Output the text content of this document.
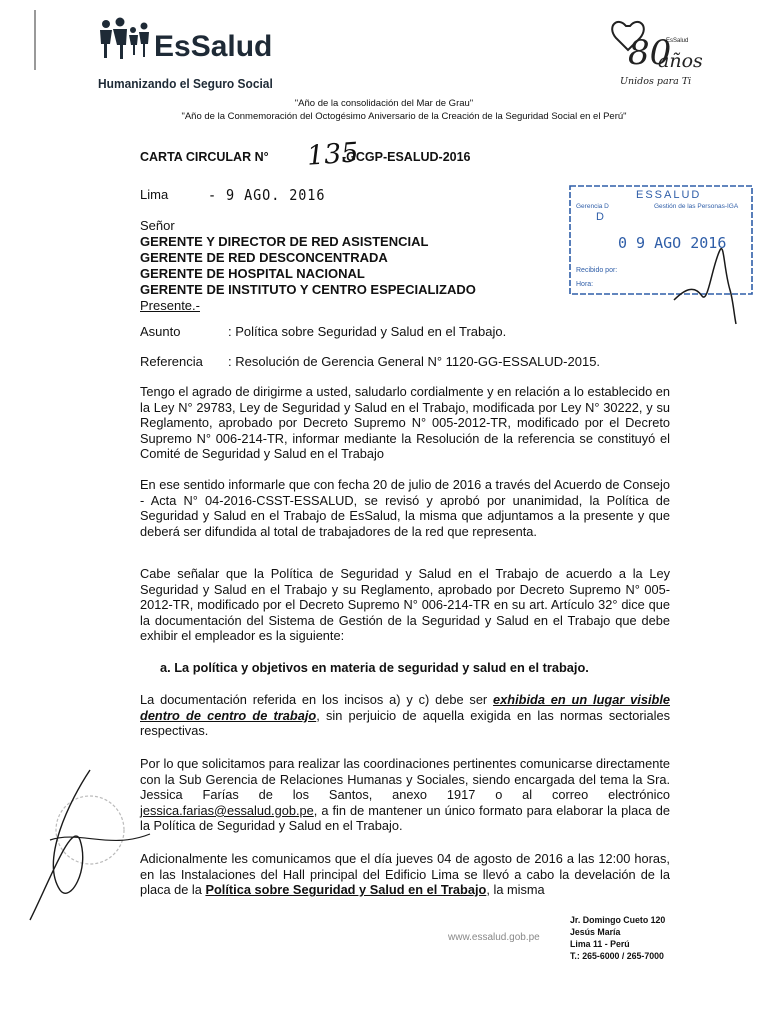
EsSalud
Humanizando el Seguro Social
80
EsSalud
años
Unidos para Ti
"Año de la consolidación del Mar de Grau"
"Año de la Conmemoración del Octogésimo Aniversario de la Creación de la Seguridad Social en el Perú"
CARTA CIRCULAR N° 135
-GCGP-ESALUD-2016
Lima	- 9 AGO. 2016	ESSALUD
Gerencia D	Gestión de las Personas-IGA
D
0 9 AGO 2016
Recibido por:
Hora:
Señor
GERENTE Y DIRECTOR DE RED ASISTENCIAL
GERENTE DE RED DESCONCENTRADA
GERENTE DE HOSPITAL NACIONAL
GERENTE DE INSTITUTO Y CENTRO ESPECIALIZADO
Presente.-
Asunto	: Política sobre Seguridad y Salud en el Trabajo.
Referencia : Resolución de Gerencia General N° 1120-GG-ESSALUD-2015.
Tengo el agrado de dirigirme a usted, saludarlo cordialmente y en relación a lo establecido en la Ley N° 29783, Ley de Seguridad y Salud en el Trabajo, modificada por Ley N° 30222, y su Reglamento, aprobado por Decreto Supremo N° 005-2012-TR, modificado por el Decreto Supremo N° 006-214-TR, informar mediante la Resolución de la referencia se constituyó el Comité de Seguridad y Salud en el Trabajo
En ese sentido informarle que con fecha 20 de julio de 2016 a través del Acuerdo de Consejo - Acta N° 04-2016-CSST-ESSALUD, se revisó y aprobó por unanimidad, la Política de Seguridad y Salud en el Trabajo de EsSalud, la misma que adjuntamos a la presente y que deberá ser difundida al total de trabajadores de la red que representa.
Cabe señalar que la Política de Seguridad y Salud en el Trabajo de acuerdo a la Ley Seguridad y Salud en el Trabajo y su Reglamento, aprobado por Decreto Supremo N° 005-2012-TR, modificado por el Decreto Supremo N° 006-214-TR en su art. Artículo 32° dice que la documentación del Sistema de Gestión de la Seguridad y Salud en el Trabajo que debe exhibir el empleador es la siguiente:
a. La política y objetivos en materia de seguridad y salud en el trabajo.
La documentación referida en los incisos a) y c) debe ser exhibida en un lugar visible dentro de centro de trabajo, sin perjuicio de aquella exigida en las normas sectoriales respectivas.
Por lo que solicitamos para realizar las coordinaciones pertinentes comunicarse directamente con la Sub Gerencia de Relaciones Humanas y Sociales, siendo encargada del tema la Sra. Jessica Farías de los Santos, anexo 1917 o al correo electrónico jessica.farias@essalud.gob.pe, a fin de mantener un único formato para elaborar la placa de la Política de Seguridad y Salud en el Trabajo.
Adicionalmente les comunicamos que el día jueves 04 de agosto de 2016 a las 12:00 horas, en las Instalaciones del Hall principal del Edificio Lima se llevó a cabo la develación de la placa de la Política sobre Seguridad y Salud en el Trabajo, la misma
www.essalud.gob.pe
Jr. Domingo Cueto 120
Jesús María
Lima 11 - Perú
T.: 265-6000 / 265-7000
